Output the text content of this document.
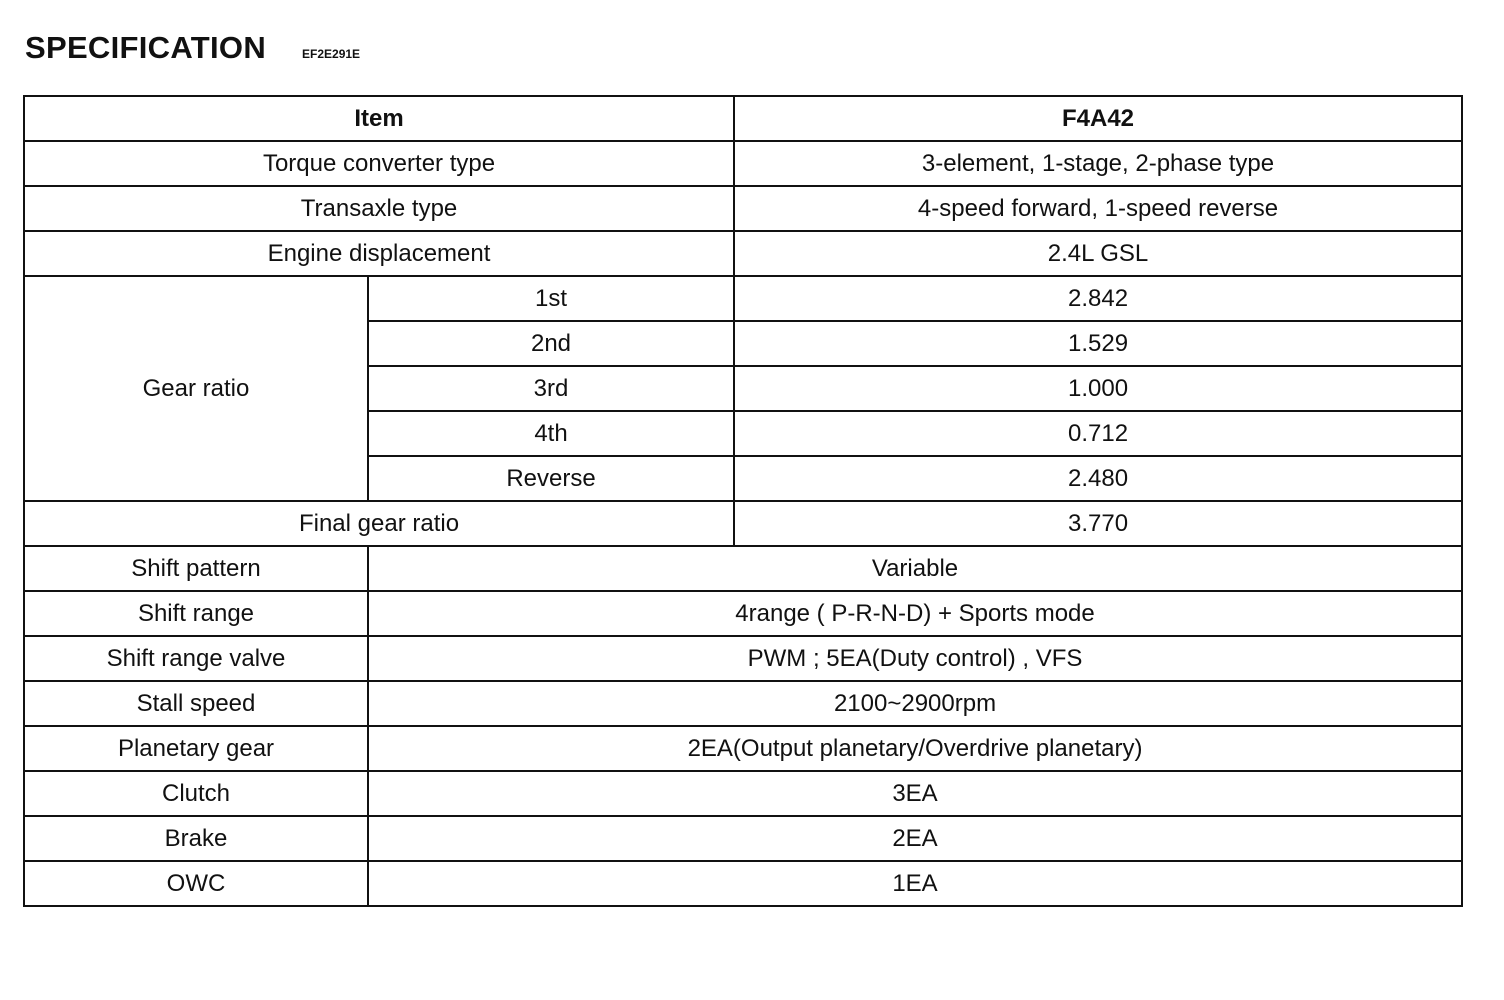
SPECIFICATION	EF2E291E
Item		F4A42
Torque converter type		3-element, 1-stage, 2-phase type
Transaxle type		4-speed forward, 1-speed reverse
Engine displacement		2.4L GSL
Gear ratio	1st	2.842
	2nd	1.529
	3rd	1.000
	4th	0.712
	Reverse	2.480
Final gear ratio		3.770
Shift pattern	Variable	
Shift range	4range ( P-R-N-D) + Sports mode	
Shift range valve	PWM ; 5EA(Duty control) , VFS	
Stall speed	2100~2900rpm	
Planetary gear	2EA(Output planetary/Overdrive planetary)	
Clutch	3EA	
Brake	2EA	
OWC	1EA	
